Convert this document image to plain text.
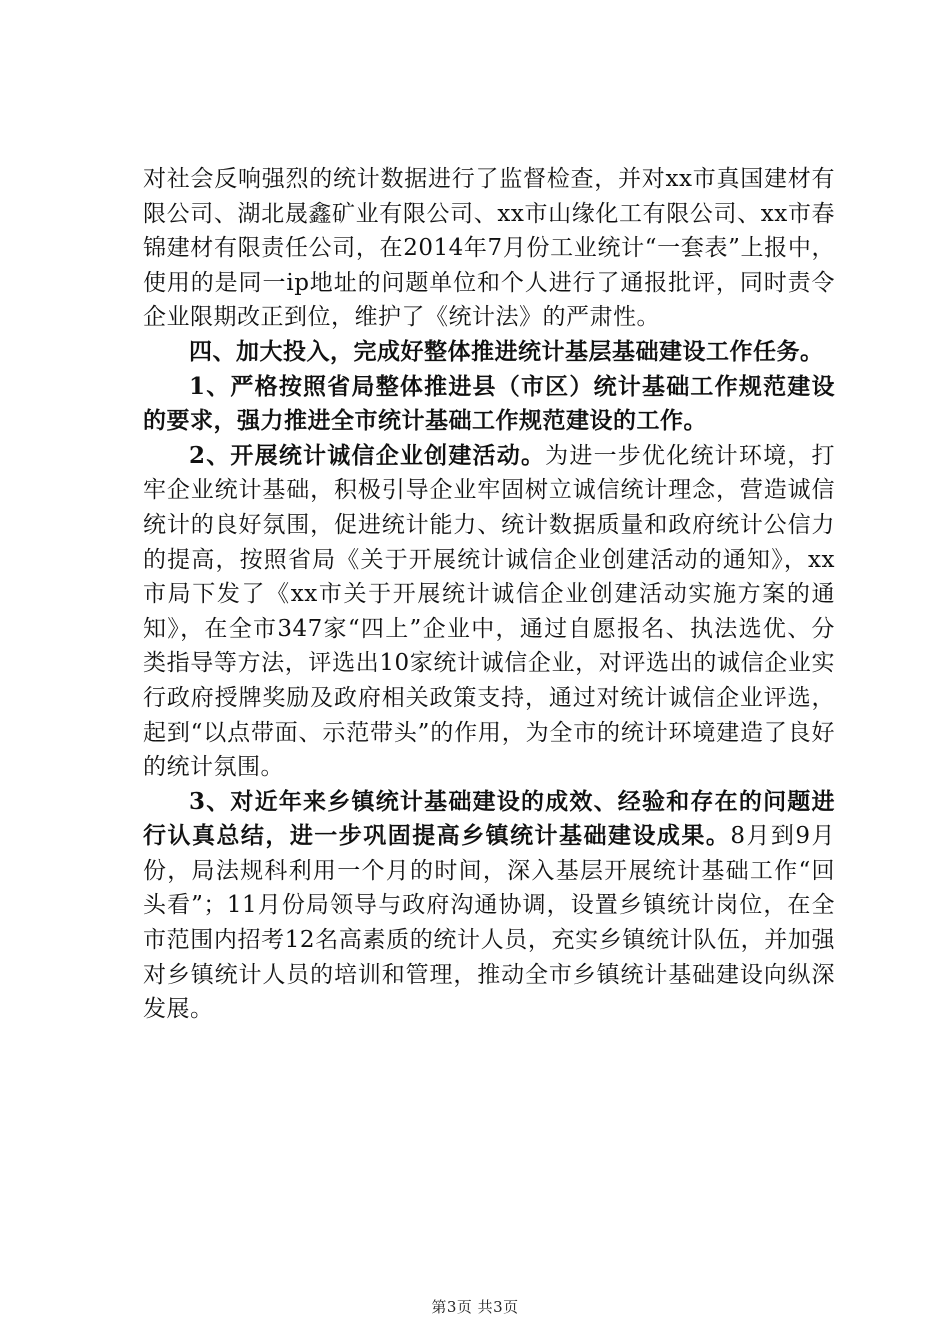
对社会反响强烈的统计数据进行了监督检查，并对xx市真国建材有限公司、湖北晟鑫矿业有限公司、xx市山缘化工有限公司、xx市春锦建材有限责任公司，在2014年7月份工业统计“一套表”上报中，使用的是同一ip地址的问题单位和个人进行了通报批评，同时责令企业限期改正到位，维护了《统计法》的严肃性。

四、加大投入，完成好整体推进统计基层基础建设工作任务。

1、严格按照省局整体推进县（市区）统计基础工作规范建设的要求，强力推进全市统计基础工作规范建设的工作。

2、开展统计诚信企业创建活动。为进一步优化统计环境，打牢企业统计基础，积极引导企业牢固树立诚信统计理念，营造诚信统计的良好氛围，促进统计能力、统计数据质量和政府统计公信力的提高，按照省局《关于开展统计诚信企业创建活动的通知》，xx市局下发了《xx市关于开展统计诚信企业创建活动实施方案的通知》，在全市347家“四上”企业中，通过自愿报名、执法选优、分类指导等方法，评选出10家统计诚信企业，对评选出的诚信企业实行政府授牌奖励及政府相关政策支持，通过对统计诚信企业评选，起到“以点带面、示范带头”的作用，为全市的统计环境建造了良好的统计氛围。

3、对近年来乡镇统计基础建设的成效、经验和存在的问题进行认真总结，进一步巩固提高乡镇统计基础建设成果。8月到9月份，局法规科利用一个月的时间，深入基层开展统计基础工作“回头看”；11月份局领导与政府沟通协调，设置乡镇统计岗位，在全市范围内招考12名高素质的统计人员，充实乡镇统计队伍，并加强对乡镇统计人员的培训和管理，推动全市乡镇统计基础建设向纵深发展。

第3页 共3页
